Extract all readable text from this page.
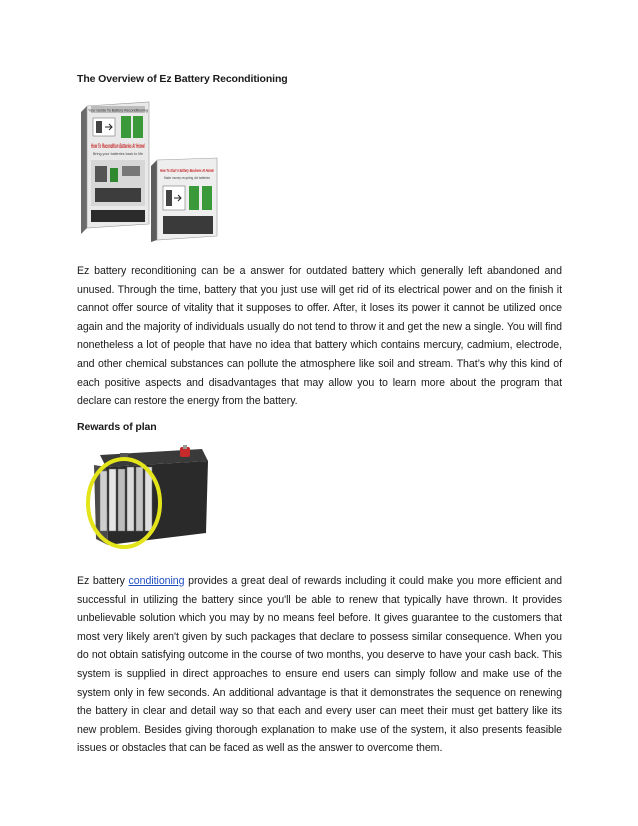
The Overview of Ez Battery Reconditioning
Your Guide To Battery Reconditioning
How To Recondition Batteries At Home!
Bring your batteries back to life
How To Start A Battery Business At Home!
Make money recycling old batteries
Ez battery reconditioning can be a answer for outdated battery which generally left abandoned and unused. Through the time, battery that you just use will get rid of its electrical power and on the finish it cannot offer source of vitality that it supposes to offer. After, it loses its power it cannot be utilized once again and the majority of individuals usually do not tend to throw it and get the new a single. You will find nonetheless a lot of people that have no idea that battery which contains mercury, cadmium, electrode, and other chemical substances can pollute the atmosphere like soil and stream. That’s why this kind of each positive aspects and disadvantages that may allow you to learn more about the program that declare can restore the energy from the battery.
Rewards of plan
Ez battery conditioning provides a great deal of rewards including it could make you more efficient and successful in utilizing the battery since you'll be able to renew that typically have thrown. It provides unbelievable solution which you may by no means feel before. It gives guarantee to the customers that most very likely aren't given by such packages that declare to possess similar consequence. When you do not obtain satisfying outcome in the course of two months, you deserve to have your cash back. This system is supplied in direct approaches to ensure end users can simply follow and make use of the system only in few seconds. An additional advantage is that it demonstrates the sequence on renewing the battery in clear and detail way so that each and every user can meet their must get battery like its new problem. Besides giving thorough explanation to make use of the system, it also presents feasible issues or obstacles that can be faced as well as the answer to overcome them.
